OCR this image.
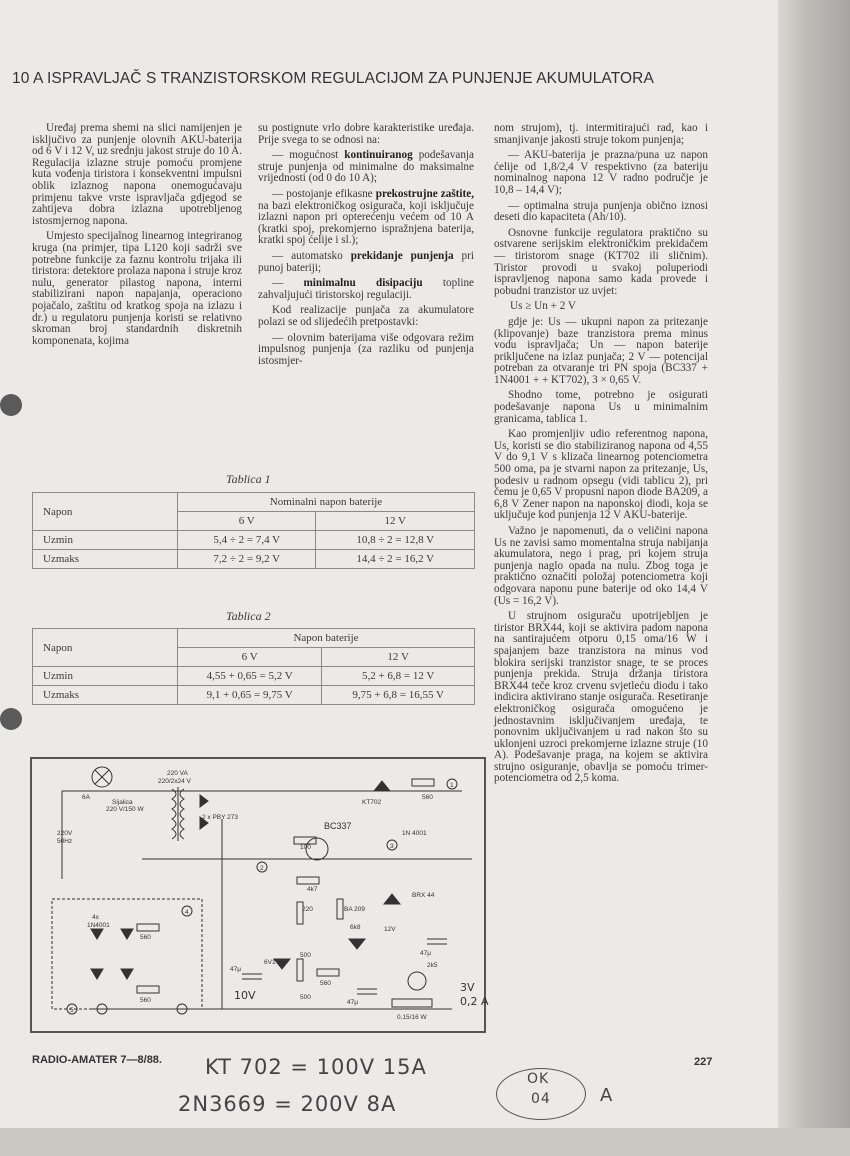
10 A ISPRAVLJAČ S TRANZISTORSKOM REGULACIJOM ZA PUNJENJE AKUMULATORA

Uređaj prema shemi na slici namijenjen je isključivo za punjenje olovnih AKU-baterija od 6 V i 12 V, uz srednju jakost struje do 10 A. Regulacija izlazne struje pomoću promjene kuta vođenja tiristora i konsekventni impulsni oblik izlaznog napona onemogućavaju primjenu takve vrste ispravljača gdjegod se zahtijeva dobra izlazna upotrebljenog istosmjernog napona.

Umjesto specijalnog linearnog integriranog kruga (na primjer, tipa L120 koji sadrži sve potrebne funkcije za faznu kontrolu trijaka ili tiristora: detektore prolaza napona i struje kroz nulu, generator pilastog napona, interni stabilizirani napon napajanja, operaciono pojačalo, zaštitu od kratkog spoja na izlazu i dr.) u regulatoru punjenja koristi se relativno skroman broj standardnih diskretnih komponenata, kojima

su postignute vrlo dobre karakteristike uređaja. Prije svega to se odnosi na:

— mogućnost kontinuiranog podešavanja struje punjenja od minimalne do maksimalne vrijednosti (od 0 do 10 A);

— postojanje efikasne prekostrujne zaštite, na bazi elektroničkog osigurača, koji isključuje izlazni napon pri opterećenju većem od 10 A (kratki spoj, prekomjerno ispražnjena baterija, kratki spoj ćelije i sl.);

— automatsko prekidanje punjenja pri punoj bateriji;

— minimalnu disipaciju toplinе zahvaljujući tiristorskoj regulaciji.

Kod realizacije punjača za akumulatore polazi se od slijedećih pretpostavki:

— olovnim baterijama više odgovara režim impulsnog punjenja (za razliku od punjenja istosmjer-

Tablica 1
Napon	Nominalni napon baterije	
	6 V	12 V
Uzmin	5,4 ÷ 2 = 7,4 V	10,8 ÷ 2 = 12,8 V
Uzmaks	7,2 ÷ 2 = 9,2 V	14,4 ÷ 2 = 16,2 V
Tablica 2
Napon	Napon baterije	
	6 V	12 V
Uzmin	4,55 + 0,65 = 5,2 V	5,2 + 6,8 = 12 V
Uzmaks	9,1 + 0,65 = 9,75 V	9,75 + 6,8 = 16,55 V

nom strujom), tj. intermitirajući rad, kao i smanjivanje jakosti struje tokom punjenja;

— AKU-baterija je prazna/puna uz napon ćelije od 1,8/2,4 V respektivno (za bateriju nominalnog napona 12 V radno područje je 10,8 – 14,4 V);

— optimalna struja punjenja obično iznosi deseti dio kapaciteta (Ah/10).

Osnovne funkcije regulatora praktično su ostvarene serijskim elektroničkim prekidačem — tiristorom snage (KT702 ili sličnim). Tiristor provodi u svakoj poluperiodi ispravljenog napona samo kada provede i pobudni tranzistor uz uvjet:

Us ≥ Un + 2 V

gdje je: Us — ukupni napon za pritezanje (klipovanje) baze tranzistora prema minus vodu ispravljača; Un — napon baterije priključene na izlaz punjača; 2 V — potencijal potreban za otvaranje tri PN spoja (BC337 + 1N4001 + + KT702), 3 × 0,65 V.

Shodno tome, potrebno je osigurati podešavanje napona Us u minimalnim granicama, tablica 1.

Kao promjenljiv udio referentnog napona, Us, koristi se dio stabiliziranog napona od 4,55 V do 9,1 V s klizača linearnog potenciometra 500 oma, pa je stvarni napon za pritezanje, Us, podesiv u radnom opsegu (vidi tablicu 2), pri čemu je 0,65 V propusni napon diode BA209, a 6,8 V Zener napon na naponskoj diodi, koja se uključuje kod punjenja 12 V AKU-baterije.

Važno je napomenuti, da o veličini napona Us ne zavisi samo momentalna struja nabijanja akumulatora, nego i prag, pri kojem struja punjenja naglo opada na nulu. Zbog toga je praktično označiti položaj potenciometra koji odgovara naponu pune baterije od oko 14,4 V (Us = 16,2 V).

U strujnom osiguraču upotrijebljen je tiristor BRX44, koji se aktivira padom napona na santirajućem otporu 0,15 oma/16 W i spajanjem baze tranzistora na minus vod blokira serijski tranzistor snage, te se proces punjenja prekida. Struja držanja tiristora BRX44 teče kroz crvenu svjetleću diodu i tako indicira aktivirano stanje osigurača. Resetiranje elektroničkog osigurača omogućeno je jednostavnim isključivanjem uređaja, te ponovnim uključivanjem u rad nakon što su uklonjeni uzroci prekomjerne izlazne struje (10 A). Podešavanje praga, na kojem se aktivira strujno osiguranje, obavlja se pomoću trimer-potenciometra od 2,5 koma.

220 VA
220/2x24 V
6A
Sijalica
220 V/150 W
220V
50Hz
2 x PBY 273
KT702
560
1N 4001
BC337
100
4k7
220	BA 209
BRX 44
6k8	12V
47μ
2k5
0,15/16 W
4x
1N4001
560
560
500
560
6V1
47μ
500
47μ
1
2
3
4
5
3V
0,2 A
10V
RADIO-AMATER 7—8/88.	227
KT 702 = 100V 15A
2N3669 = 200V 8A
OK
04	A
